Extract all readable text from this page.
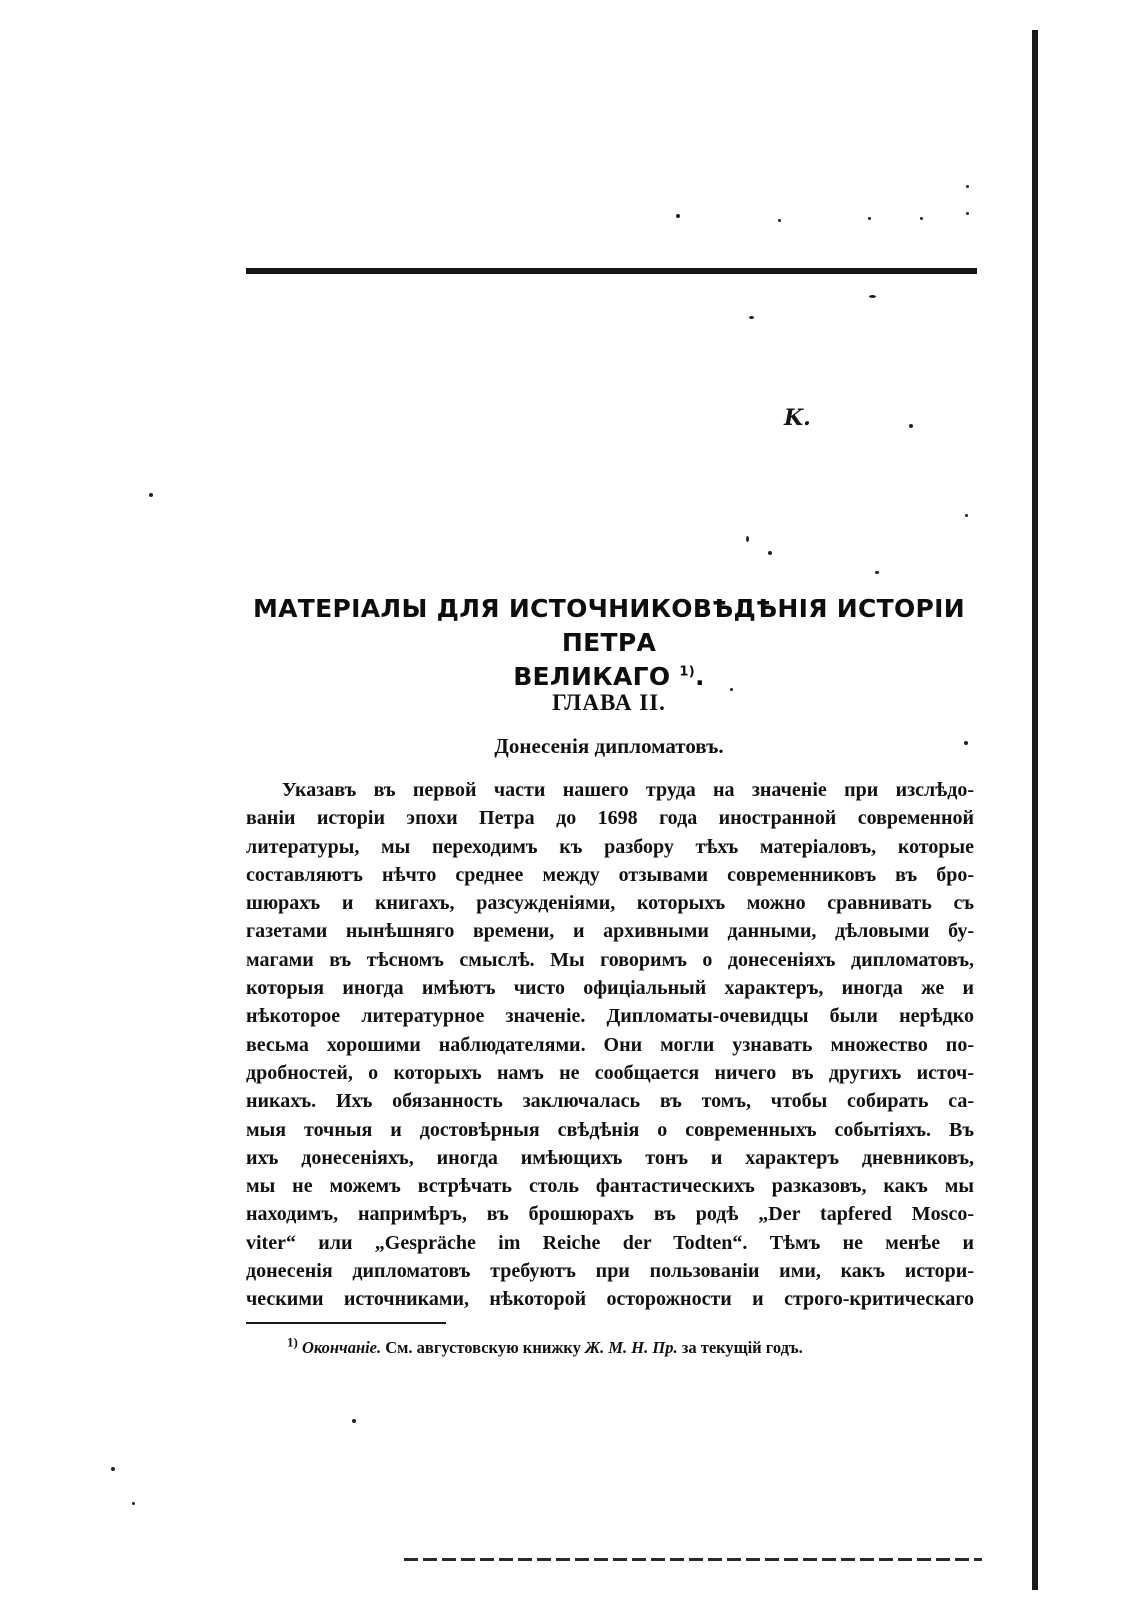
K.
МАТЕРІАЛЫ ДЛЯ ИСТОЧНИКОВѢДѢНІЯ ИСТОРІИ ПЕТРА
ВЕЛИКАГО $^{1)}$.
ГЛАВА II.
Донесенія дипломатовъ.
Указавъ въ первой части нашего труда на значеніе при изслѣдо-
ваніи исторіи эпохи Петра до 1698 года иностранной современной
литературы, мы переходимъ къ разбору тѣхъ матеріаловъ, которые
составляютъ нѣчто среднее между отзывами современниковъ въ бро-
шюрахъ и книгахъ, разсужденіями, которыхъ можно сравнивать съ
газетами нынѣшняго времени, и архивными данными, дѣловыми бу-
магами въ тѣсномъ смыслѣ. Мы говоримъ о донесеніяхъ дипломатовъ,
которыя иногда имѣютъ чисто офиціальный характеръ, иногда же и
нѣкоторое литературное значеніе. Дипломаты-очевидцы были нерѣдко
весьма хорошими наблюдателями. Они могли узнавать множество по-
дробностей, о которыхъ намъ не сообщается ничего въ другихъ источ-
никахъ. Ихъ обязанность заключалась въ томъ, чтобы собирать са-
мыя точныя и достовѣрныя свѣдѣнія о современныхъ событіяхъ. Въ
ихъ донесеніяхъ, иногда имѣющихъ тонъ и характеръ дневниковъ,
мы не можемъ встрѣчать столь фантастическихъ разказовъ, какъ мы
находимъ, напримѣръ, въ брошюрахъ въ родѣ „Der tapfered Mosco-
viter“ или „Gespräche im Reiche der Todten“. Тѣмъ не менѣе и
донесенія дипломатовъ требуютъ при пользованіи ими, какъ истори-
ческими источниками, нѣкоторой осторожности и строго-критическаго
$^{1)}$ Окончаніе. См. августовскую книжку Ж. М. Н. Пр. за текущій годъ.
